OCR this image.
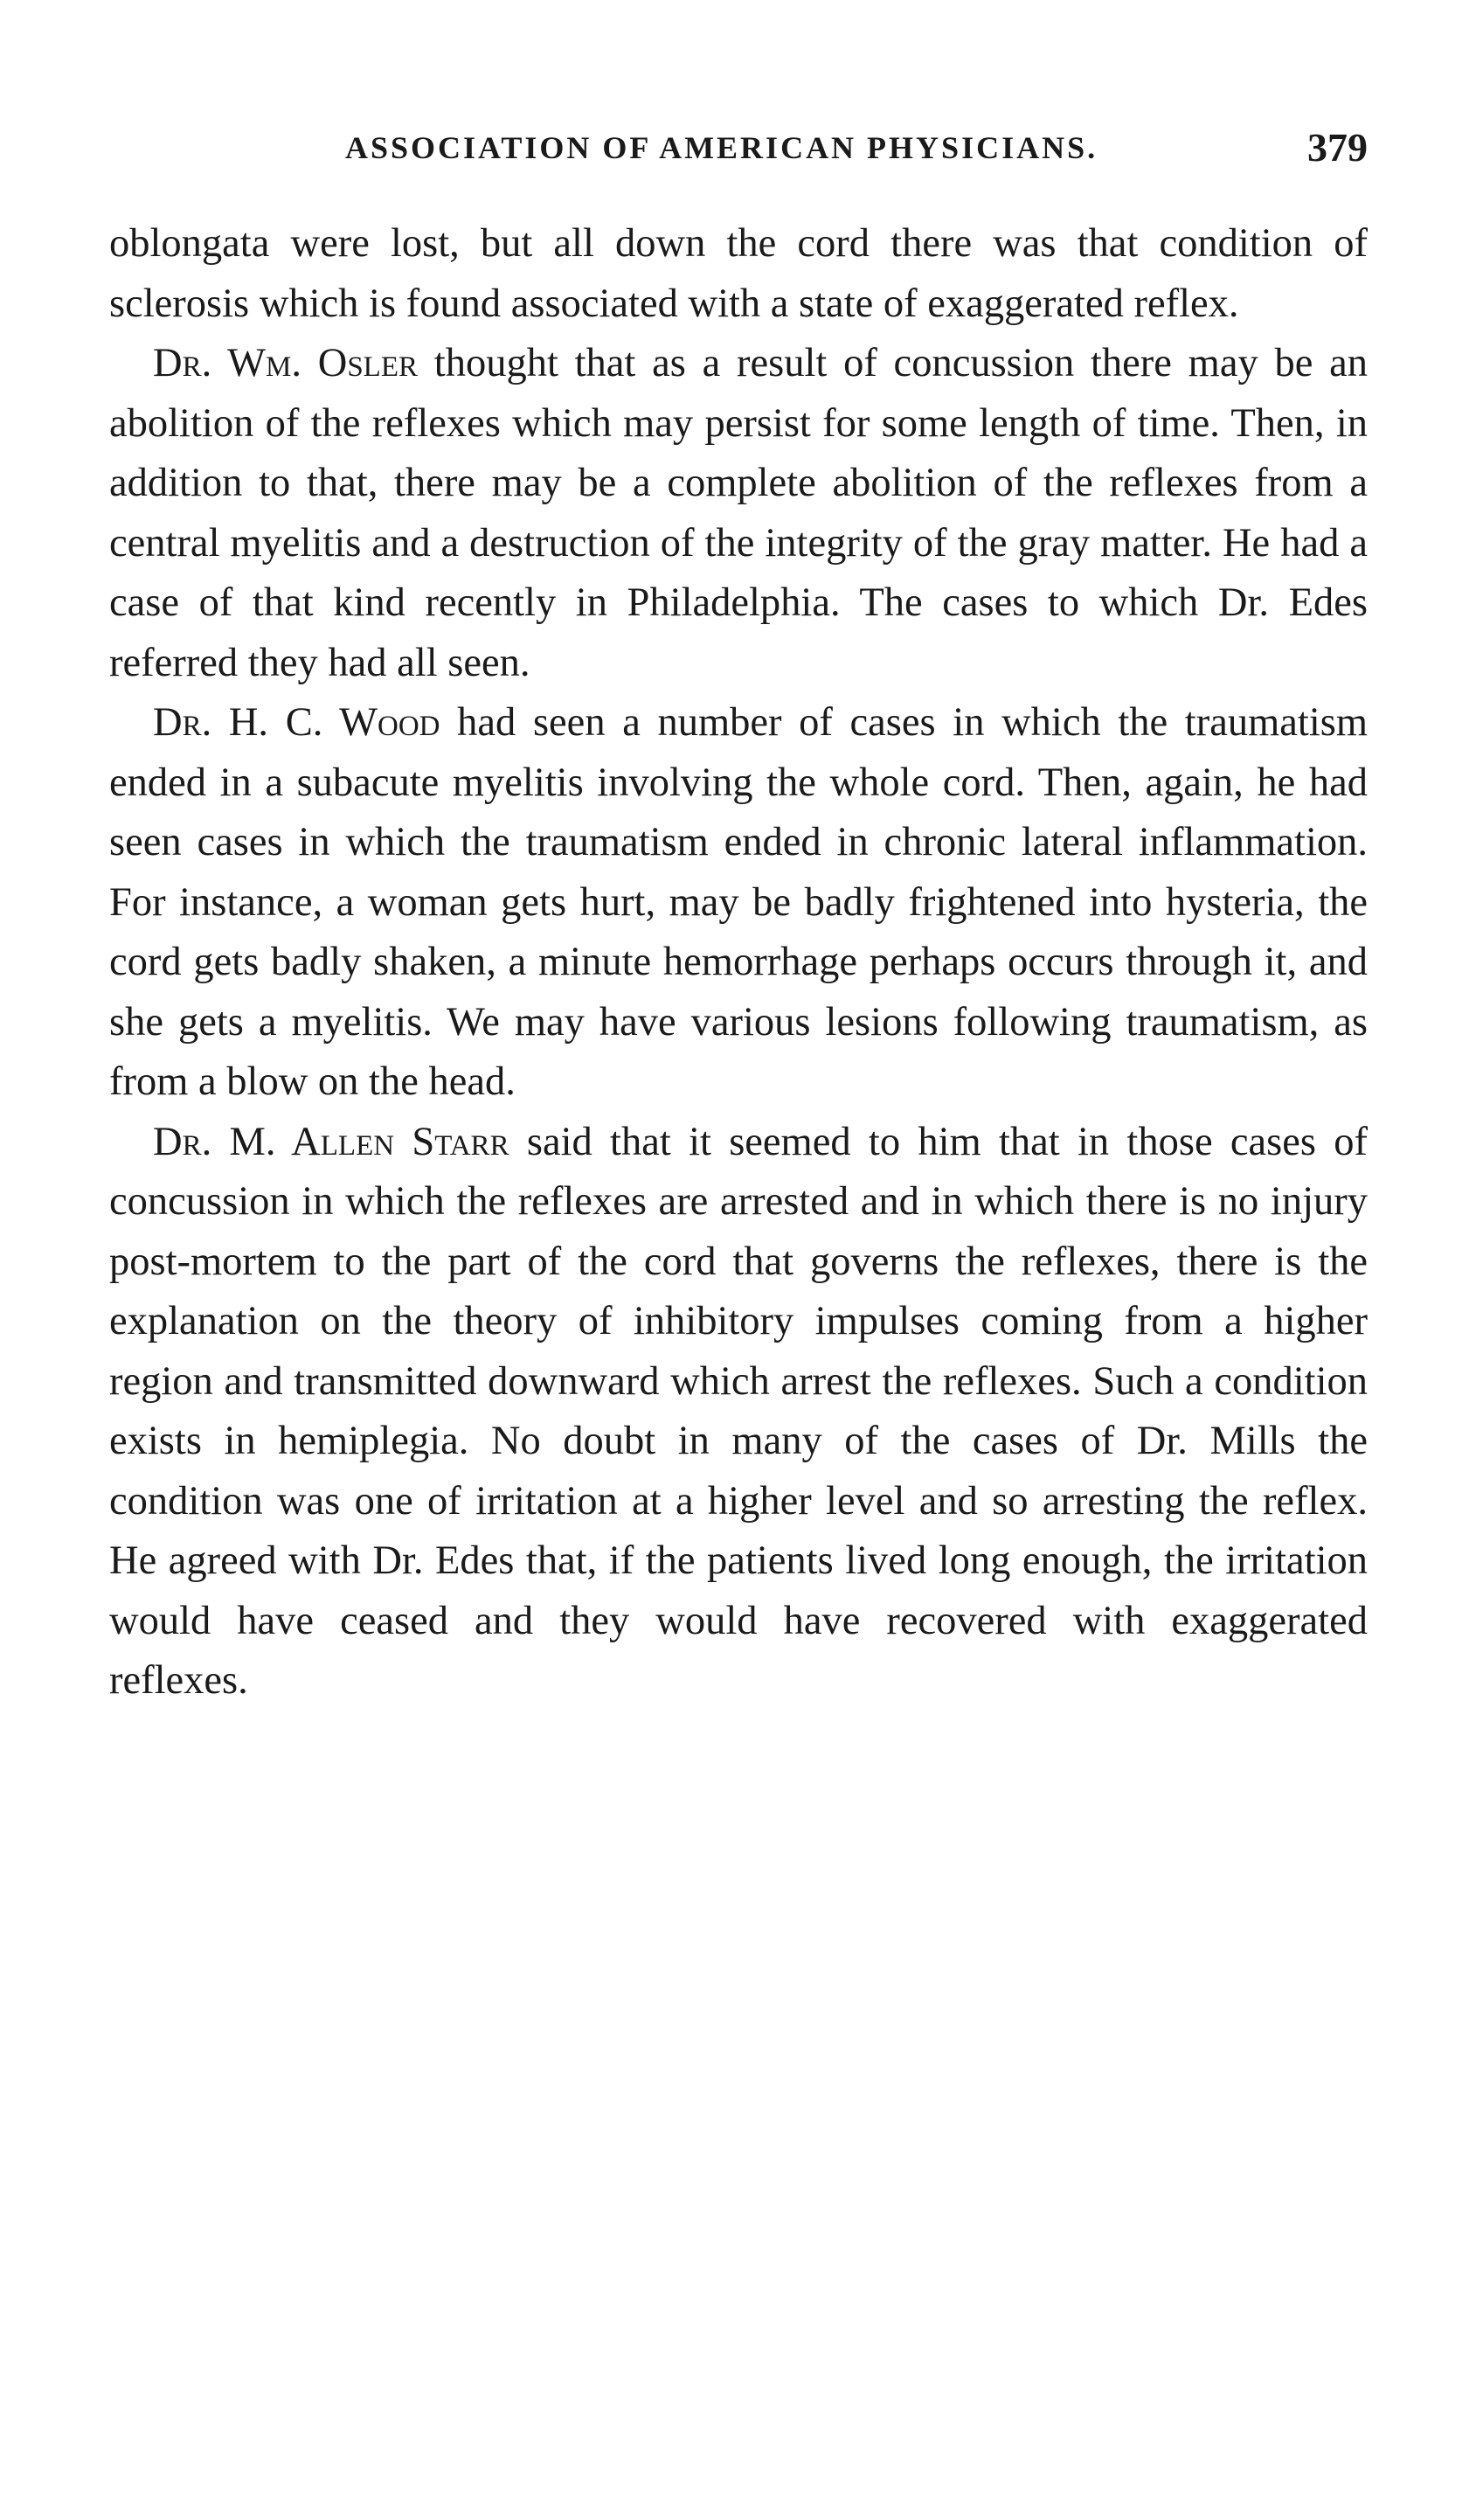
ASSOCIATION OF AMERICAN PHYSICIANS.	379

oblongata were lost, but all down the cord there was that condition of sclerosis which is found associated with a state of exaggerated reflex.

Dr. Wm. Osler thought that as a result of concussion there may be an abolition of the reflexes which may persist for some length of time. Then, in addition to that, there may be a complete abolition of the reflexes from a central myelitis and a destruction of the integrity of the gray matter. He had a case of that kind recently in Philadelphia. The cases to which Dr. Edes referred they had all seen.

Dr. H. C. Wood had seen a number of cases in which the traumatism ended in a subacute myelitis involving the whole cord. Then, again, he had seen cases in which the traumatism ended in chronic lateral inflammation. For instance, a woman gets hurt, may be badly frightened into hysteria, the cord gets badly shaken, a minute hemorrhage perhaps occurs through it, and she gets a myelitis. We may have various lesions following traumatism, as from a blow on the head.

Dr. M. Allen Starr said that it seemed to him that in those cases of concussion in which the reflexes are arrested and in which there is no injury post-mortem to the part of the cord that governs the reflexes, there is the explanation on the theory of inhibitory impulses coming from a higher region and transmitted downward which arrest the reflexes. Such a condition exists in hemiplegia. No doubt in many of the cases of Dr. Mills the condition was one of irritation at a higher level and so arresting the reflex. He agreed with Dr. Edes that, if the patients lived long enough, the irritation would have ceased and they would have recovered with exaggerated reflexes.
